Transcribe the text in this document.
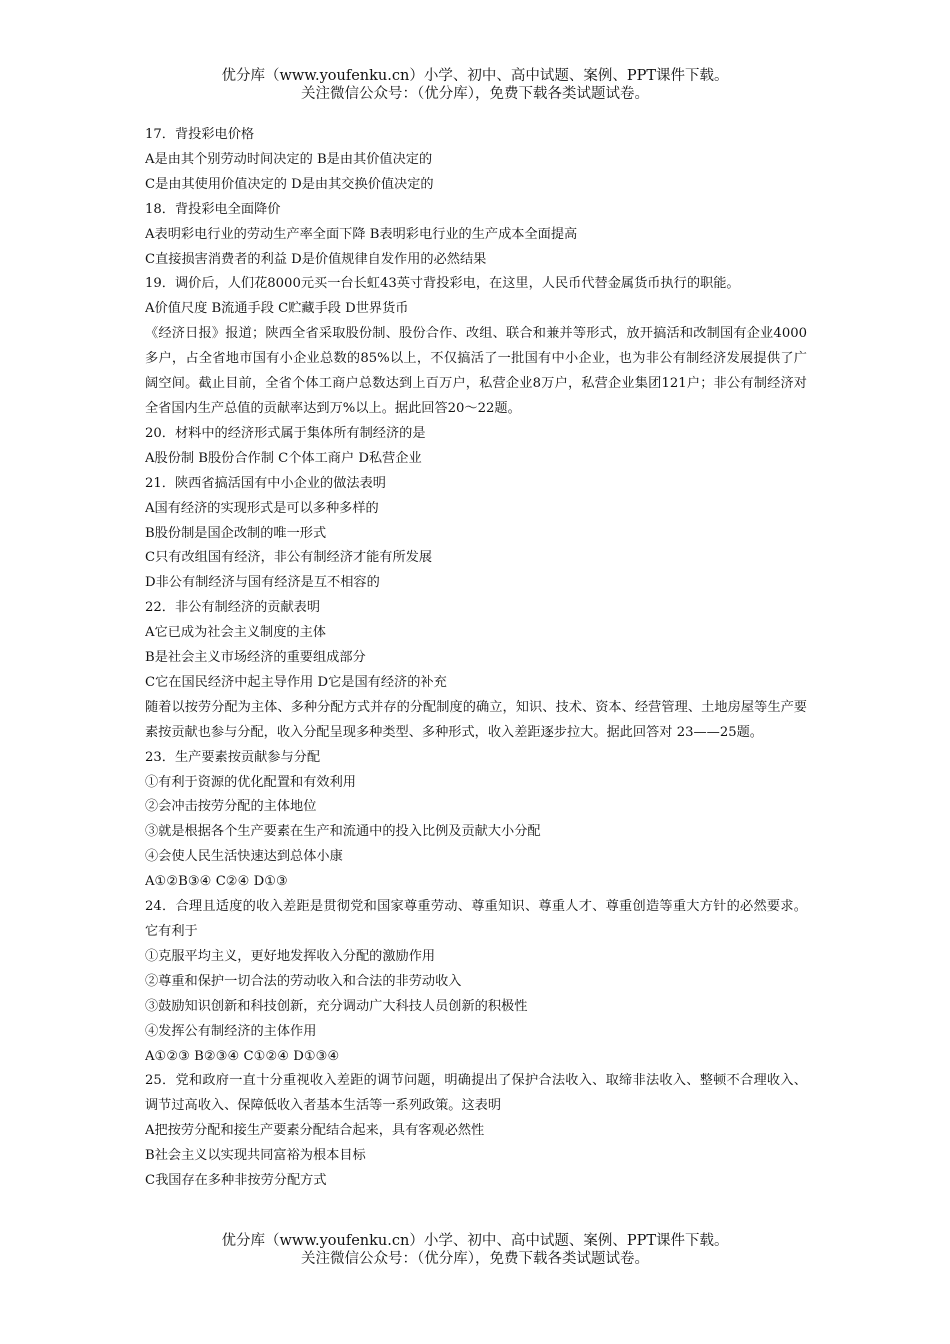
优分库（www.youfenku.cn）小学、初中、高中试题、案例、PPT课件下载。
关注微信公众号：（优分库），免费下载各类试题试卷。
17．背投彩电价格
A是由其个别劳动时间决定的 B是由其价值决定的
C是由其使用价值决定的 D是由其交换价值决定的
18．背投彩电全面降价
A表明彩电行业的劳动生产率全面下降 B表明彩电行业的生产成本全面提高
C直接损害消费者的利益 D是价值规律自发作用的必然结果
19．调价后，人们花8000元买一台长虹43英寸背投彩电，在这里，人民币代替金属货币执行的职能。
A价值尺度 B流通手段 C贮藏手段 D世界货币
《经济日报》报道；陕西全省采取股份制、股份合作、改组、联合和兼并等形式，放开搞活和改制国有企业4000多户，占全省地市国有小企业总数的85%以上，不仅搞活了一批国有中小企业，也为非公有制经济发展提供了广阔空间。截止目前，全省个体工商户总数达到上百万户，私营企业8万户，私营企业集团121户；非公有制经济对全省国内生产总值的贡献率达到万%以上。据此回答20～22题。
20．材料中的经济形式属于集体所有制经济的是
A股份制 B股份合作制 C个体工商户 D私营企业
21．陕西省搞活国有中小企业的做法表明
A国有经济的实现形式是可以多种多样的
B股份制是国企改制的唯一形式
C只有改组国有经济，非公有制经济才能有所发展
D非公有制经济与国有经济是互不相容的
22．非公有制经济的贡献表明
A它已成为社会主义制度的主体
B是社会主义市场经济的重要组成部分
C它在国民经济中起主导作用 D它是国有经济的补充
随着以按劳分配为主体、多种分配方式并存的分配制度的确立，知识、技术、资本、经营管理、土地房屋等生产要素按贡献也参与分配，收入分配呈现多种类型、多种形式，收入差距逐步拉大。据此回答对 23——25题。
23．生产要素按贡献参与分配
①有利于资源的优化配置和有效利用
②会冲击按劳分配的主体地位
③就是根据各个生产要素在生产和流通中的投入比例及贡献大小分配
④会使人民生活快速达到总体小康
A①②B③④ C②④ D①③
24．合理且适度的收入差距是贯彻党和国家尊重劳动、尊重知识、尊重人才、尊重创造等重大方针的必然要求。它有利于
①克服平均主义，更好地发挥收入分配的激励作用
②尊重和保护一切合法的劳动收入和合法的非劳动收入
③鼓励知识创新和科技创新，充分调动广大科技人员创新的积极性
④发挥公有制经济的主体作用
A①②③ B②③④ C①②④ D①③④
25．党和政府一直十分重视收入差距的调节问题，明确提出了保护合法收入、取缔非法收入、整顿不合理收入、调节过高收入、保障低收入者基本生活等一系列政策。这表明
A把按劳分配和接生产要素分配结合起来，具有客观必然性
B社会主义以实现共同富裕为根本目标
C我国存在多种非按劳分配方式
优分库（www.youfenku.cn）小学、初中、高中试题、案例、PPT课件下载。
关注微信公众号：（优分库），免费下载各类试题试卷。
